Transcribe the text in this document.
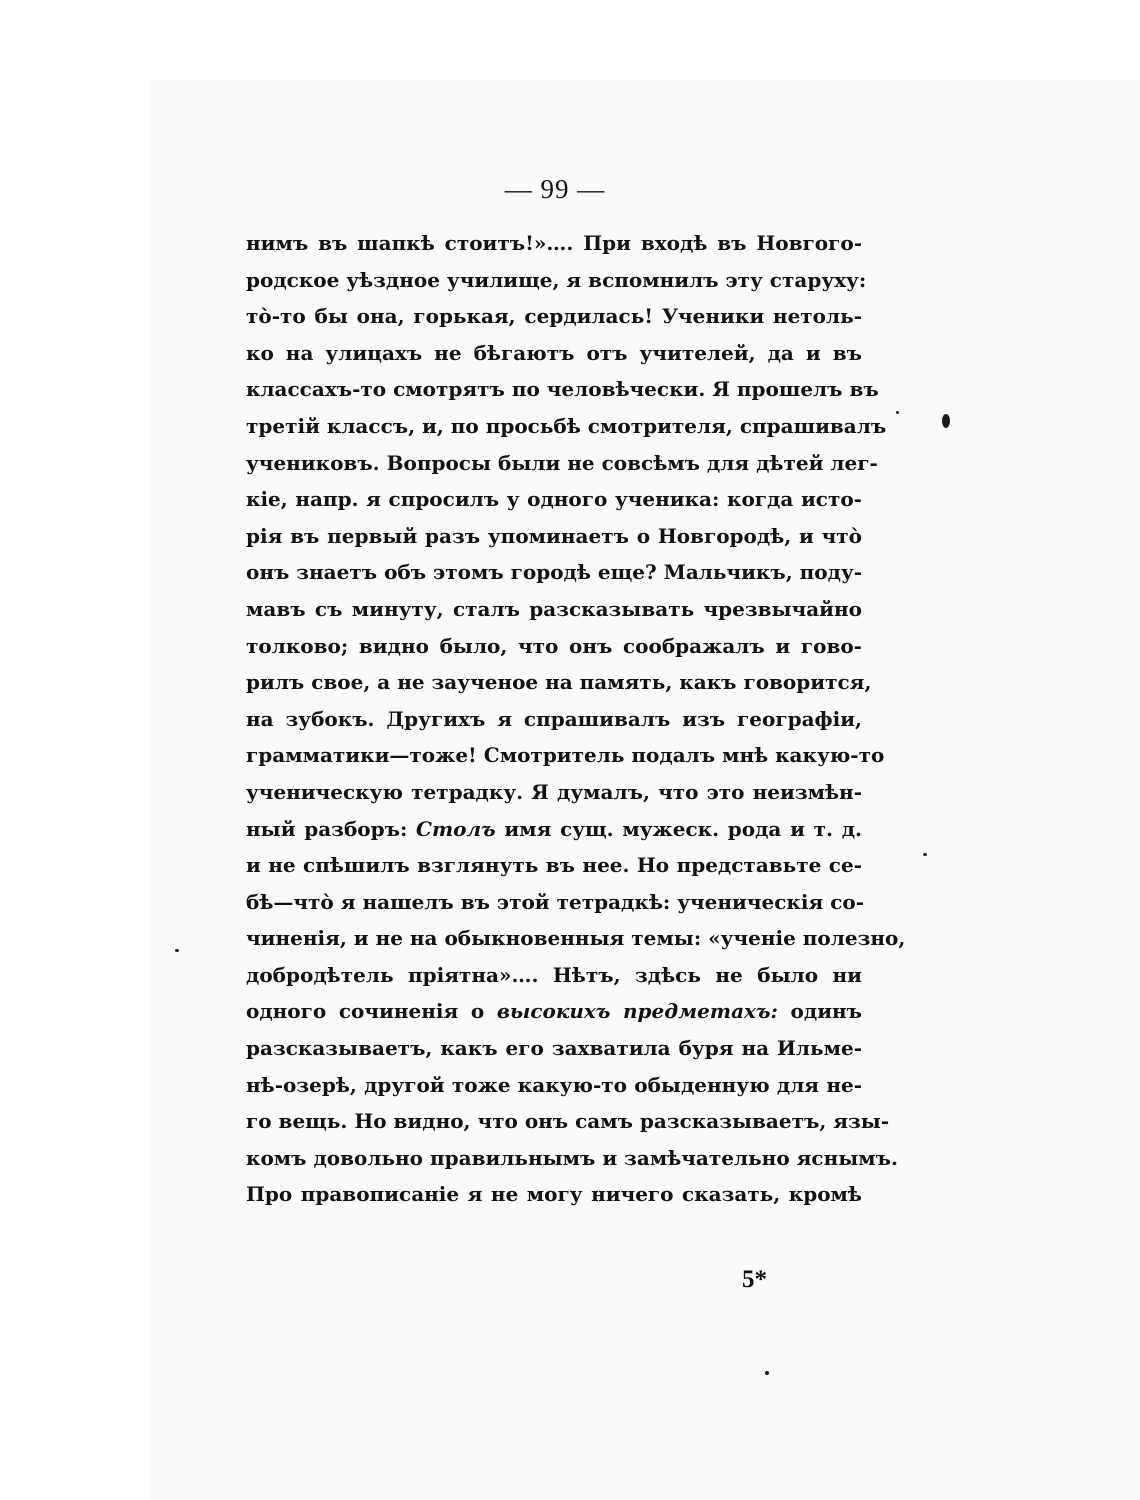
— 99 —
нимъ въ шапкѣ стоитъ!»…. При входѣ въ Новгого-
родское уѣздное училище, я вспомнилъ эту старуху:
то̀-то бы она, горькая, сердилась! Ученики нетоль-
ко на улицахъ не бѣгаютъ отъ учителей, да и въ
классахъ-то смотрятъ по человѣчески. Я прошелъ въ
третій классъ, и, по просьбѣ смотрителя, спрашивалъ
учениковъ. Вопросы были не совсѣмъ для дѣтей лег-
кіе, напр. я спросилъ у одного ученика: когда исто-
рія въ первый разъ упоминаетъ о Новгородѣ, и что̀
онъ знаетъ объ этомъ городѣ еще? Мальчикъ, поду-
мавъ съ минуту, сталъ разсказывать чрезвычайно
толково; видно было, что онъ соображалъ и гово-
рилъ свое, а не заученое на память, какъ говорится,
на зубокъ. Другихъ я спрашивалъ изъ географіи,
грамматики—тоже! Смотритель подалъ мнѣ какую-то
ученическую тетрадку. Я думалъ, что это неизмѣн-
ный разборъ: Столъ имя сущ. мужеск. рода и т. д.
и не спѣшилъ взглянуть въ нее. Но представьте се-
бѣ—что̀ я нашелъ въ этой тетрадкѣ: ученическія со-
чиненія, и не на обыкновенныя темы: «ученіе полезно,
добродѣтель пріятна»…. Нѣтъ, здѣсь не было ни
одного сочиненія о высокихъ предметахъ: одинъ
разсказываетъ, какъ его захватила буря на Ильме-
нѣ-озерѣ, другой тоже какую-то обыденную для не-
го вещь. Но видно, что онъ самъ разсказываетъ, язы-
комъ довольно правильнымъ и замѣчательно яснымъ.
Про правописаніе я не могу ничего сказать, кромѣ
5*
